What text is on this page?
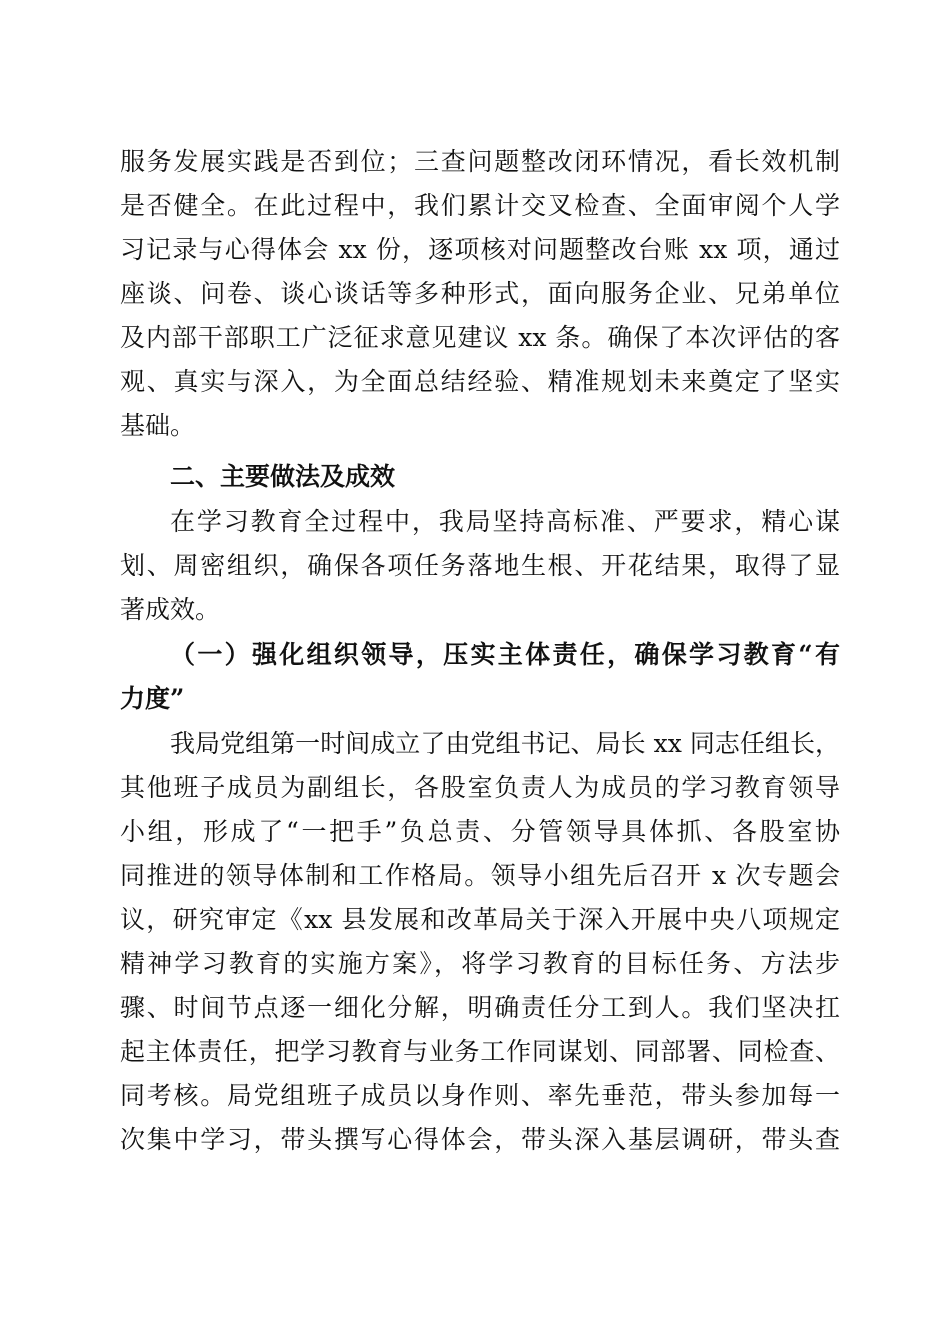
服务发展实践是否到位；三查问题整改闭环情况，看长效机制
是否健全。在此过程中，我们累计交叉检查、全面审阅个人学
习记录与心得体会 xx 份，逐项核对问题整改台账 xx 项，通过
座谈、问卷、谈心谈话等多种形式，面向服务企业、兄弟单位
及内部干部职工广泛征求意见建议 xx 条。确保了本次评估的客
观、真实与深入，为全面总结经验、精准规划未来奠定了坚实
基础。
二、主要做法及成效
在学习教育全过程中，我局坚持高标准、严要求，精心谋
划、周密组织，确保各项任务落地生根、开花结果，取得了显
著成效。
（一）强化组织领导，压实主体责任，确保学习教育“有
力度”
我局党组第一时间成立了由党组书记、局长 xx 同志任组长，
其他班子成员为副组长，各股室负责人为成员的学习教育领导
小组，形成了“一把手”负总责、分管领导具体抓、各股室协
同推进的领导体制和工作格局。领导小组先后召开 x 次专题会
议，研究审定《xx 县发展和改革局关于深入开展中央八项规定
精神学习教育的实施方案》，将学习教育的目标任务、方法步
骤、时间节点逐一细化分解，明确责任分工到人。我们坚决扛
起主体责任，把学习教育与业务工作同谋划、同部署、同检查、
同考核。局党组班子成员以身作则、率先垂范，带头参加每一
次集中学习，带头撰写心得体会，带头深入基层调研，带头查
